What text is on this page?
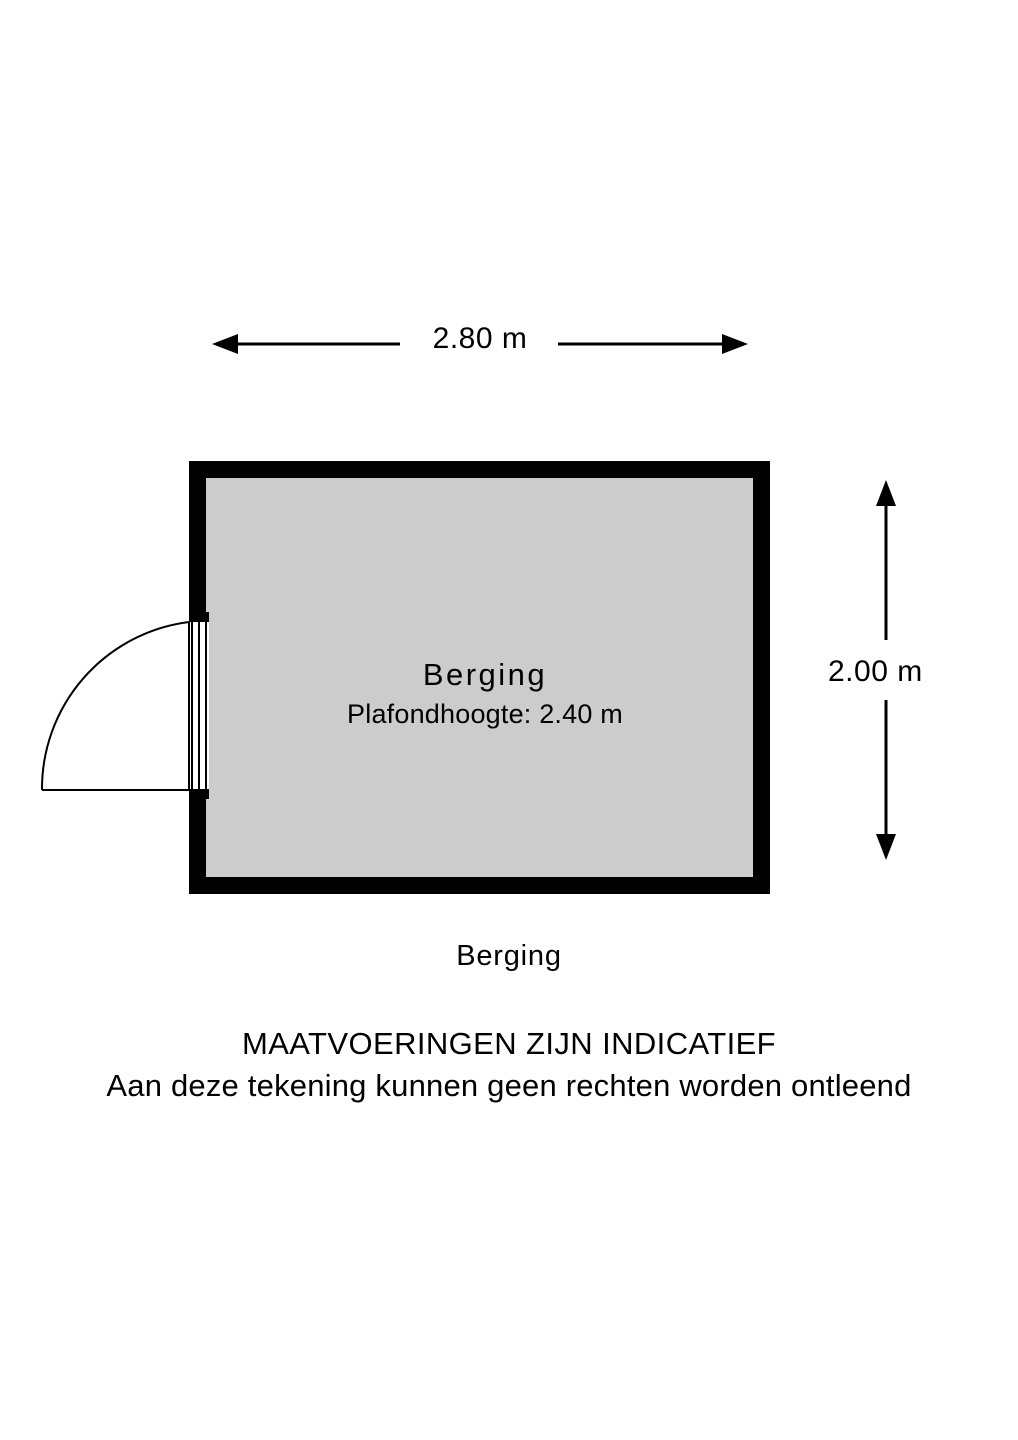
2.80 m
2.00 m
Berging
Plafondhoogte: 2.40 m
Berging
MAATVOERINGEN ZIJN INDICATIEF
Aan deze tekening kunnen geen rechten worden ontleend
